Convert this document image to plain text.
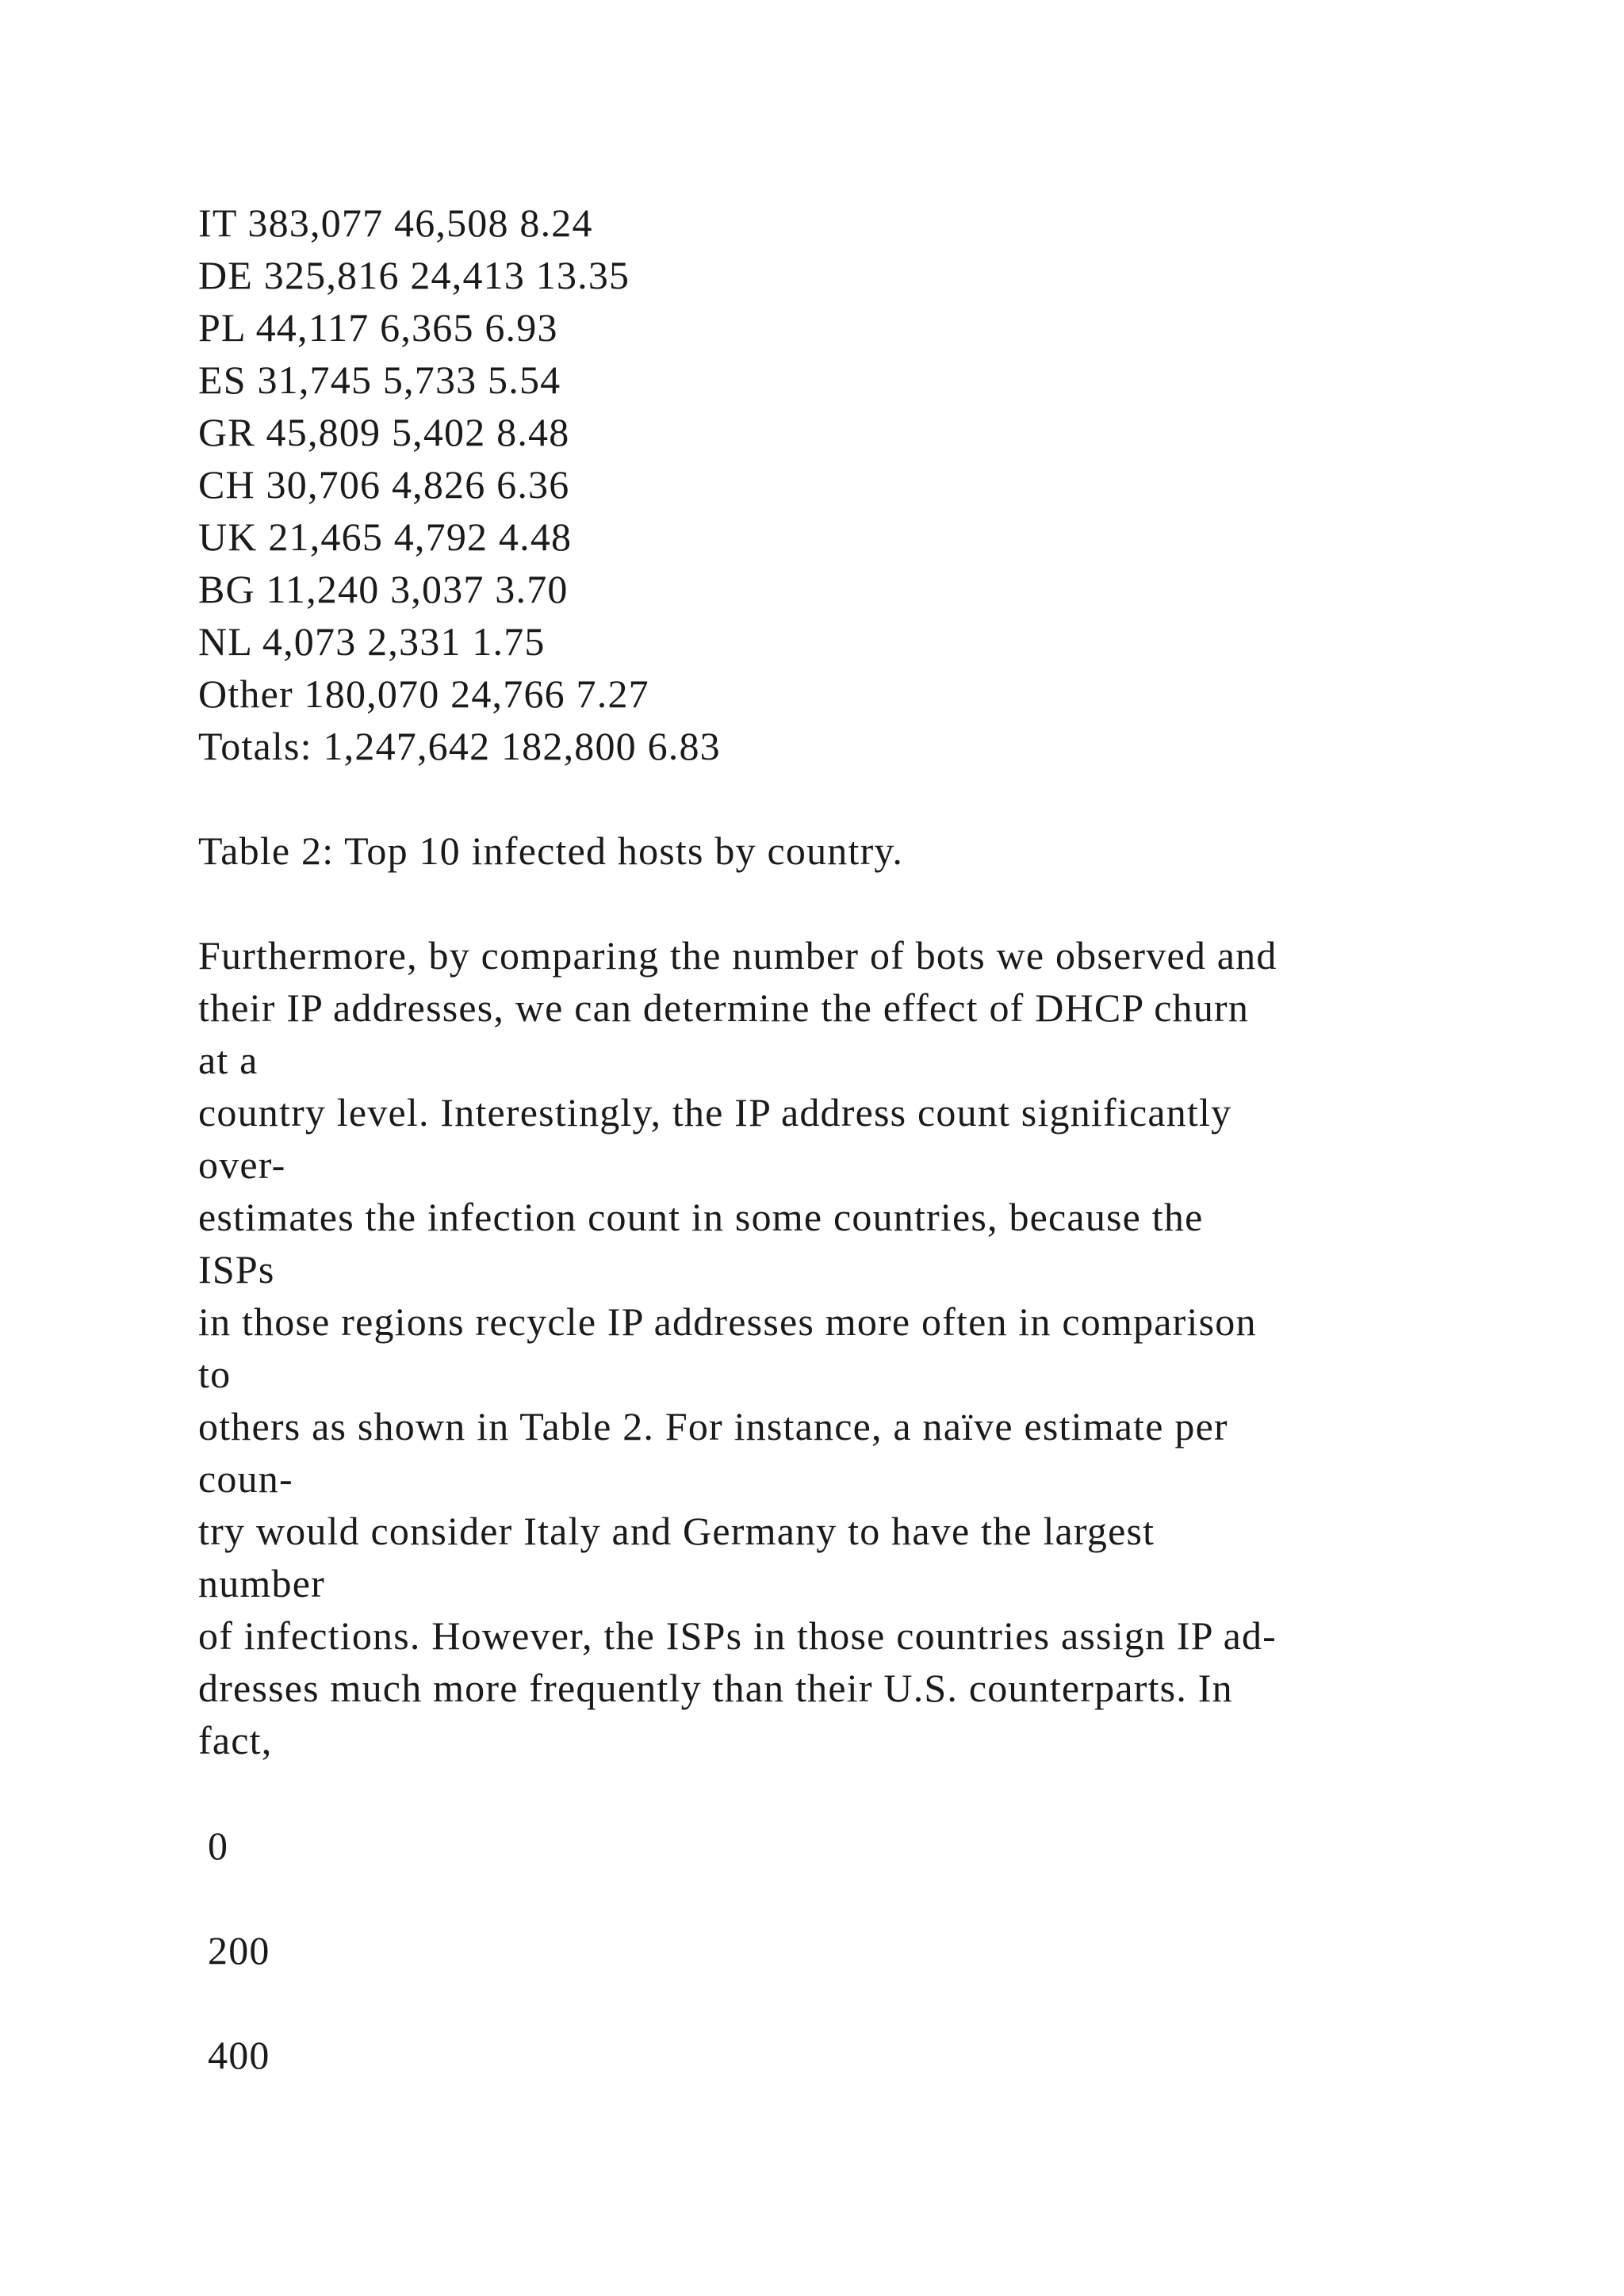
IT 383,077 46,508 8.24
DE 325,816 24,413 13.35
PL 44,117 6,365 6.93
ES 31,745 5,733 5.54
GR 45,809 5,402 8.48
CH 30,706 4,826 6.36
UK 21,465 4,792 4.48
BG 11,240 3,037 3.70
NL 4,073 2,331 1.75
Other 180,070 24,766 7.27
Totals: 1,247,642 182,800 6.83
Table 2: Top 10 infected hosts by country.
Furthermore, by comparing the number of bots we observed and
their IP addresses, we can determine the effect of DHCP churn
at a
country level. Interestingly, the IP address count significantly
over-
estimates the infection count in some countries, because the
ISPs
in those regions recycle IP addresses more often in comparison
to
others as shown in Table 2. For instance, a naïve estimate per
coun-
try would consider Italy and Germany to have the largest
number
of infections. However, the ISPs in those countries assign IP ad-
dresses much more frequently than their U.S. counterparts. In
fact,
0
200
400
